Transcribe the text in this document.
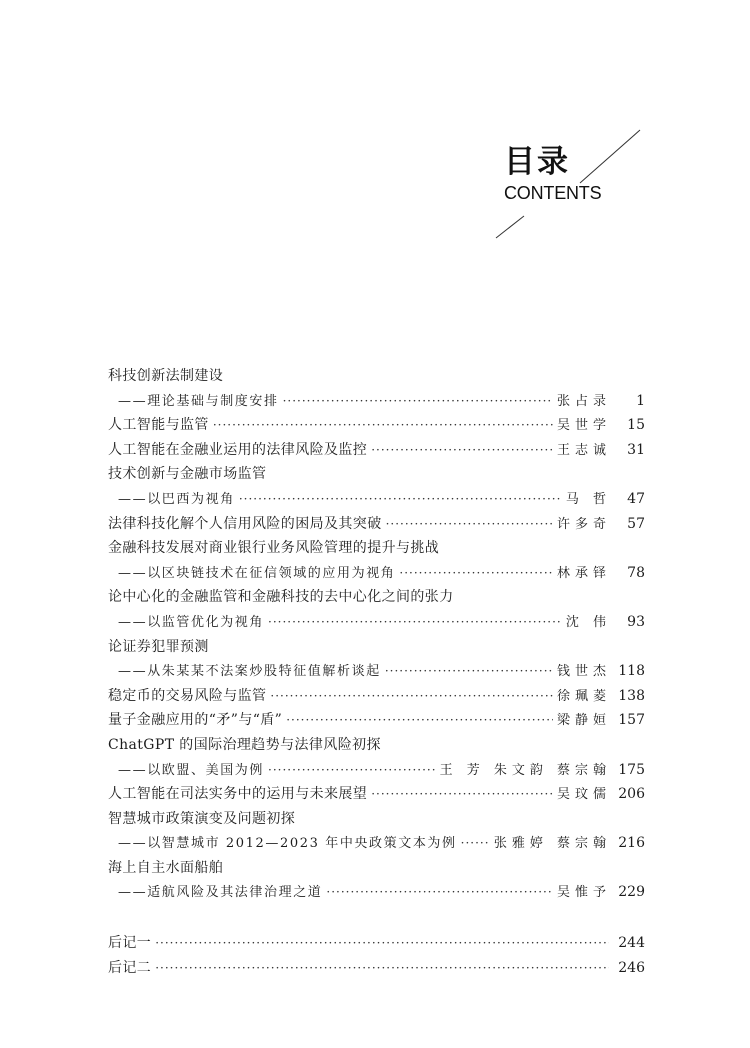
目录
CONTENTS
科技创新法制建设
——理论基础与制度安排 ·····	张占录	1
人工智能与监管 ·····	吴世学	15
人工智能在金融业运用的法律风险及监控 ·····	王志诚	31
技术创新与金融市场监管
——以巴西为视角 ·····	马 哲	47
法律科技化解个人信用风险的困局及其突破 ·····	许多奇	57
金融科技发展对商业银行业务风险管理的提升与挑战
——以区块链技术在征信领域的应用为视角 ·····	林承铎	78
论中心化的金融监管和金融科技的去中心化之间的张力
——以监管优化为视角 ·····	沈 伟	93
论证券犯罪预测
——从朱某某不法案炒股特征值解析谈起 ·····	钱世杰 118
稳定币的交易风险与监管 ·····	徐珮菱 138
量子金融应用的“矛”与“盾” ·····	梁静姮 157
ChatGPT 的国际治理趋势与法律风险初探
——以欧盟、美国为例 ·····	王 芳 朱文韵 蔡宗翰 175
人工智能在司法实务中的运用与未来展望 ·····	吴玟儒 206
智慧城市政策演变及问题初探
——以智慧城市 2012—2023 年中央政策文本为例 ·····	张雅婷 蔡宗翰 216
海上自主水面船舶
——适航风险及其法律治理之道 ·····	吴惟予 229
后记一 ·····	244
后记二 ·····	246
